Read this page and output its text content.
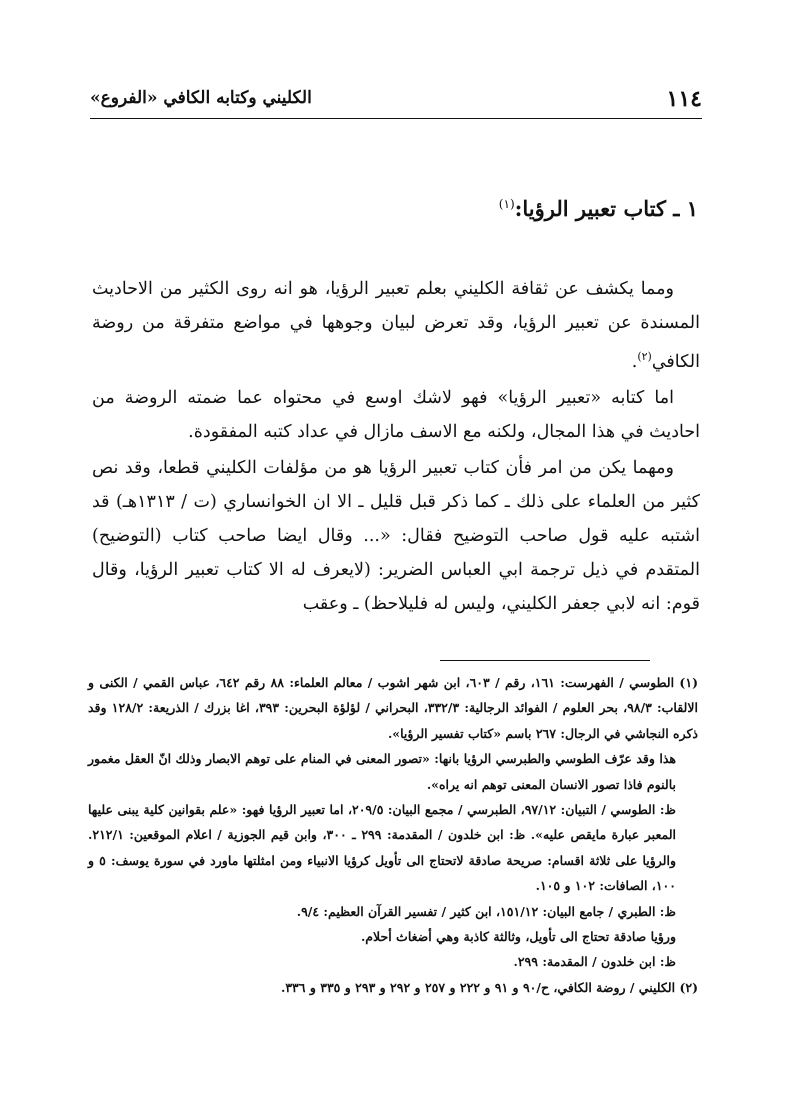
١١٤
الكليني وكتابه الكافي «الفروع»
١ ـ كتاب تعبير الرؤيا:$^{(١)}$

ومما يكشف عن ثقافة الكليني بعلم تعبير الرؤيا، هو انه روى الكثير من الاحاديث المسندة عن تعبير الرؤيا، وقد تعرض لبيان وجوهها في مواضع متفرقة من روضة الكافي$^{(٢)}$.

اما كتابه «تعبير الرؤيا» فهو لاشك اوسع في محتواه عما ضمته الروضة من احاديث في هذا المجال، ولكنه مع الاسف مازال في عداد كتبه المفقودة.

ومهما يكن من امر فأن كتاب تعبير الرؤيا هو من مؤلفات الكليني قطعا، وقد نص كثير من العلماء على ذلك ـ كما ذكر قبل قليل ـ الا ان الخوانساري (ت / ١٣١٣هـ) قد اشتبه عليه قول صاحب التوضيح فقال: «... وقال ايضا صاحب كتاب (التوضيح) المتقدم في ذيل ترجمة ابي العباس الضرير: (لايعرف له الا كتاب تعبير الرؤيا، وقال قوم: انه لابي جعفر الكليني، وليس له فليلاحظ) ـ وعقب

(١) الطوسي / الفهرست: ١٦١، رقم / ٦٠٣، ابن شهر اشوب / معالم العلماء: ٨٨ رقم ٦٤٢، عباس القمي / الكنى و الالقاب: ٩٨/٣، بحر العلوم / الفوائد الرجالية: ٣٣٢/٣، البحراني / لؤلؤة البحرين: ٣٩٣، اغا بزرك / الذريعة: ١٢٨/٢ وقد ذكره النجاشي في الرجال: ٢٦٧ باسم «كتاب تفسير الرؤيا».

هذا وقد عرّف الطوسي والطبرسي الرؤيا بانها: «تصور المعنى في المنام على توهم الابصار وذلك انّ العقل مغمور بالنوم فاذا تصور الانسان المعنى توهم انه يراه».

ظ: الطوسي / التبيان: ٩٧/١٢، الطبرسي / مجمع البيان: ٢٠٩/٥، اما تعبير الرؤيا فهو: «علم بقوانين كلية يبنى عليها المعبر عبارة مايقص عليه». ظ: ابن خلدون / المقدمة: ٢٩٩ ـ ٣٠٠، وابن قيم الجوزية / اعلام الموقعين: ٢١٢/١. والرؤيا على ثلاثة اقسام: صريحة صادقة لاتحتاج الى تأويل كرؤيا الانبياء ومن امثلتها ماورد في سورة يوسف: ٥ و ١٠٠، الصافات: ١٠٢ و ١٠٥.

ظ: الطبري / جامع البيان: ١٥١/١٢، ابن كثير / تفسير القرآن العظيم: ٩/٤.

ورؤيا صادقة تحتاج الى تأويل، وثالثة كاذبة وهي أضغاث أحلام.

ظ: ابن خلدون / المقدمة: ٢٩٩.

(٢) الكليني / روضة الكافي، ح/٩٠ و ٩١ و ٢٢٢ و ٢٥٧ و ٢٩٢ و ٢٩٣ و ٣٣٥ و ٣٣٦.
